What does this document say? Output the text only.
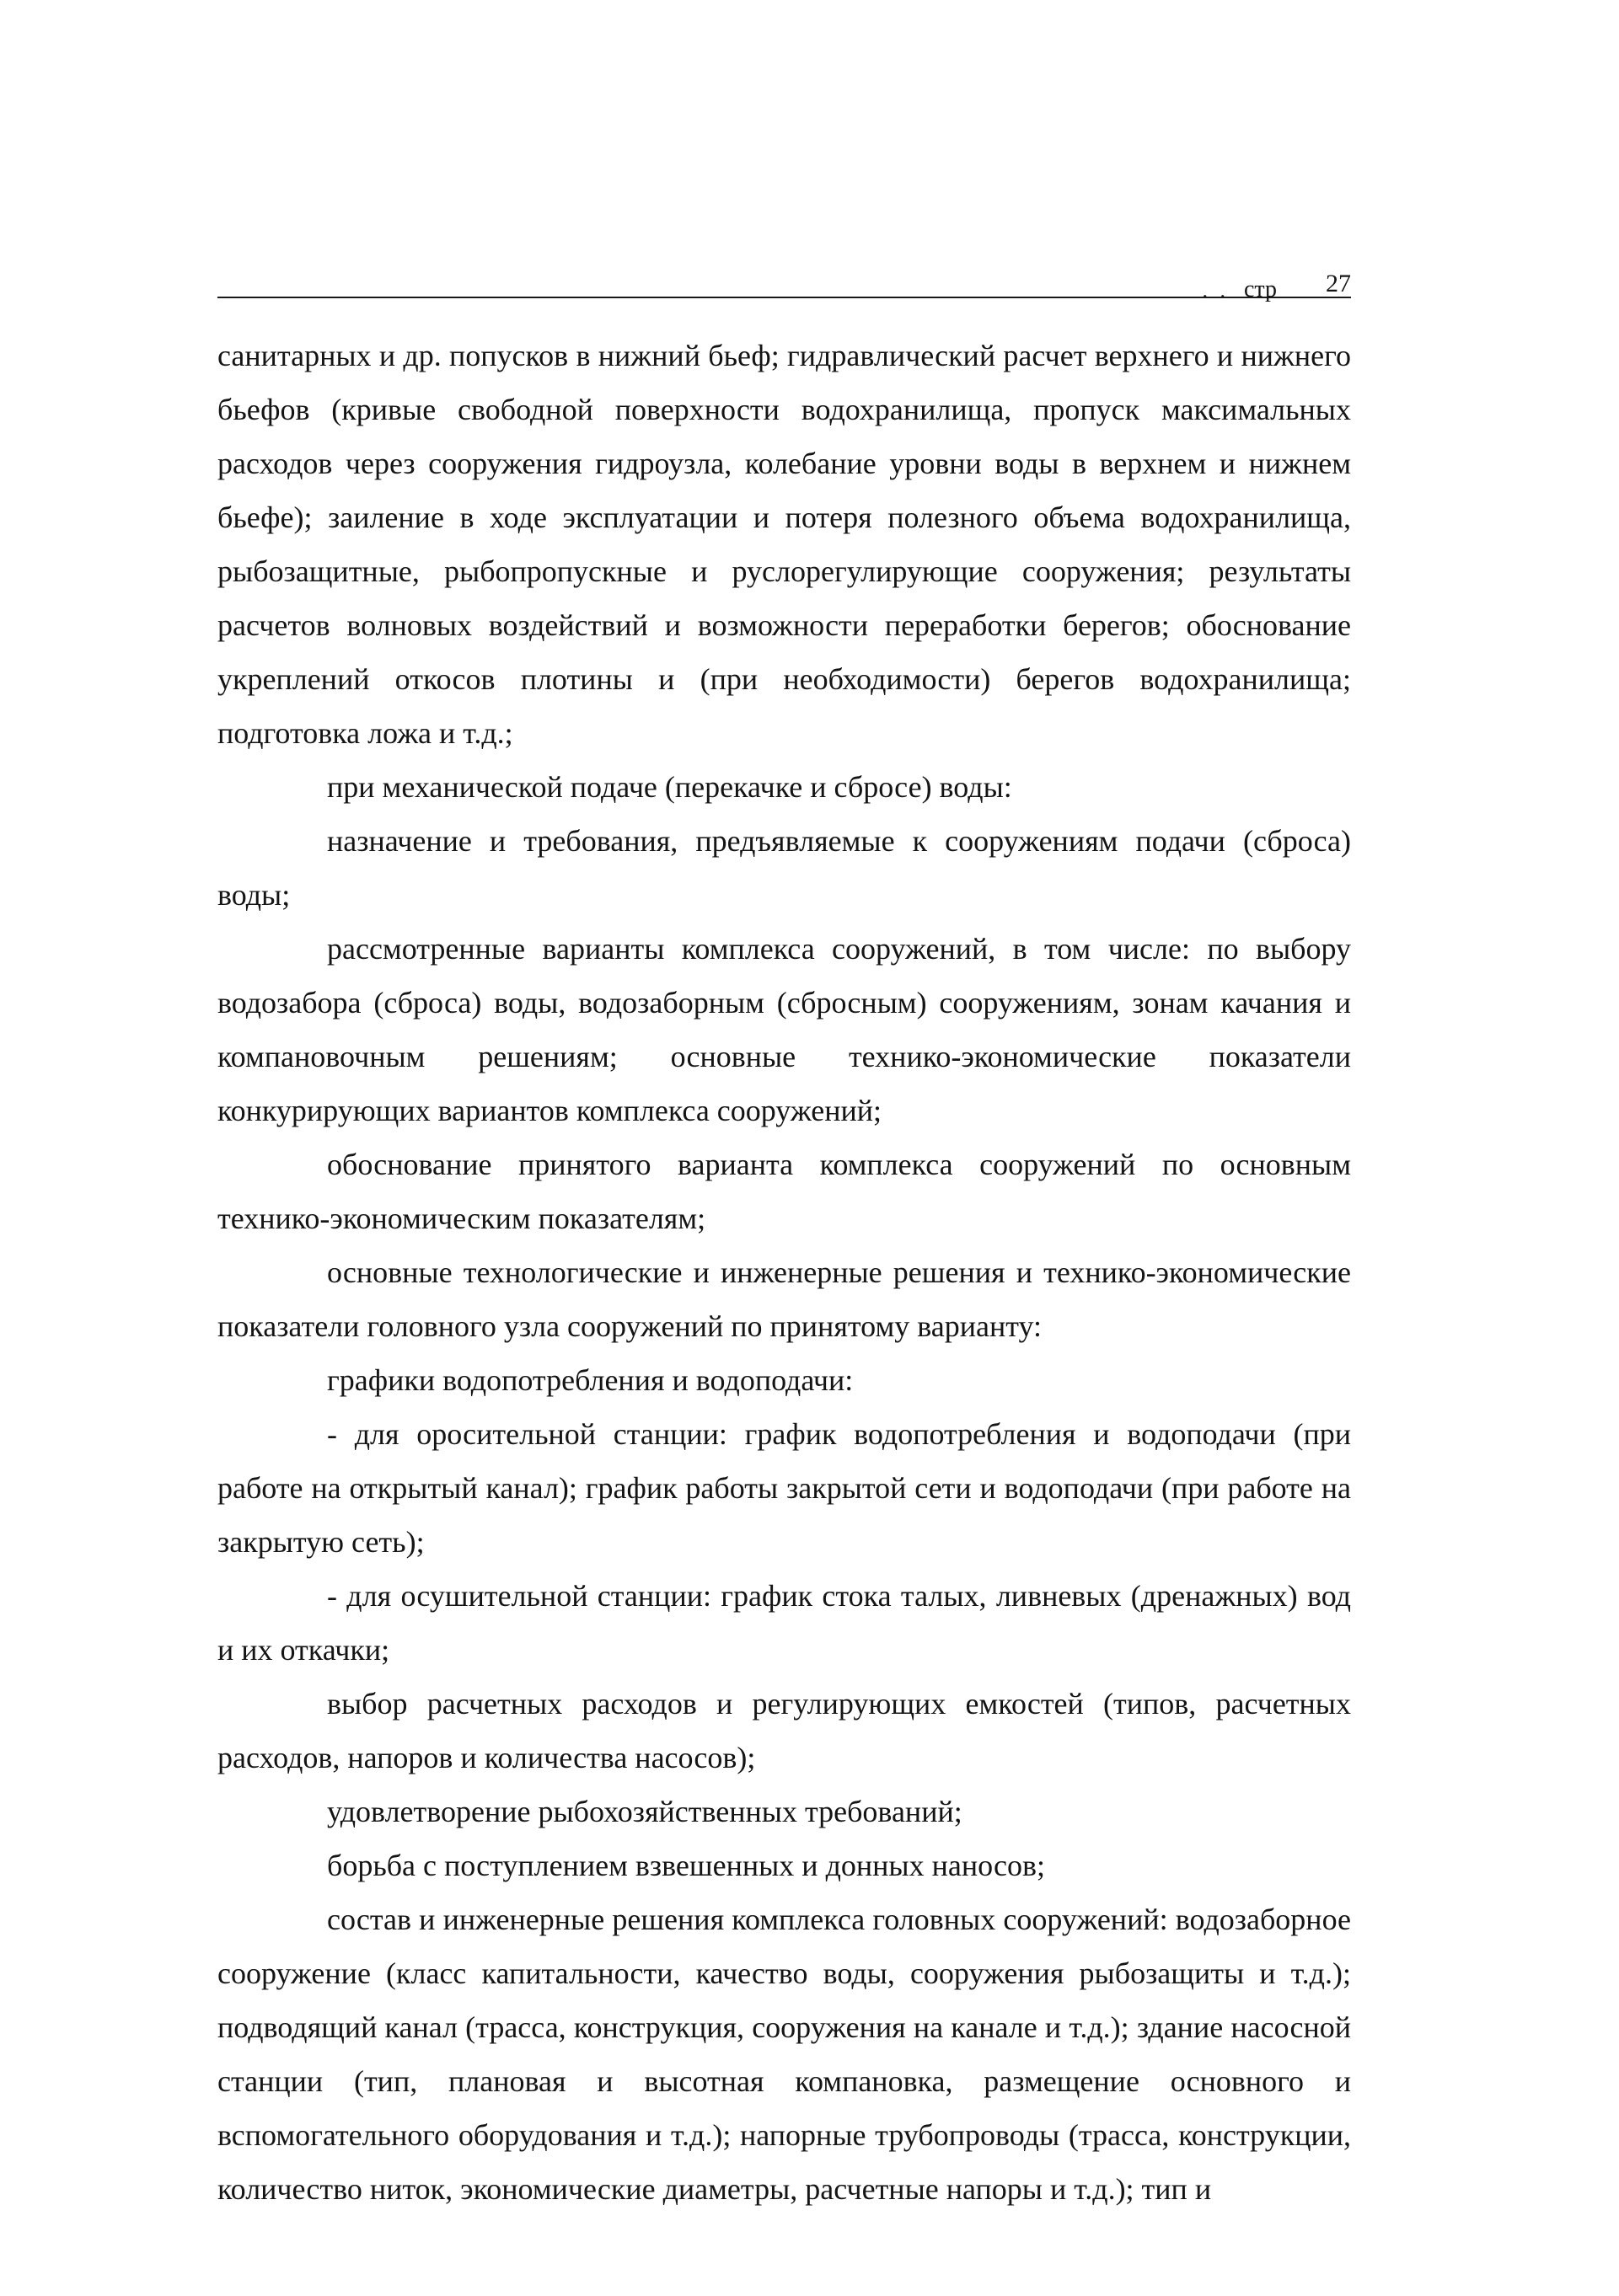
. . стр 27

санитарных и др. попусков в нижний бьеф; гидравлический расчет верхнего и нижнего бьефов (кривые свободной поверхности водохранилища, пропуск максимальных расходов через сооружения гидроузла, колебание уровни воды в верхнем и нижнем бьефе); заиление в ходе эксплуатации и потеря полезного объема водохранилища, рыбозащитные, рыбопропускные и руслорегулирующие сооружения; результаты расчетов волновых воздействий и возможности переработки берегов; обоснование укреплений откосов плотины и (при необходимости) берегов водохранилища; подготовка ложа и т.д.;

при механической подаче (перекачке и сбросе) воды:

назначение и требования, предъявляемые к сооружениям подачи (сброса) воды;

рассмотренные варианты комплекса сооружений, в том числе: по выбору водозабора (сброса) воды, водозаборным (сбросным) сооружениям, зонам качания и компановочным решениям; основные технико-экономические показатели конкурирующих вариантов комплекса сооружений;

обоснование принятого варианта комплекса сооружений по основным технико-экономическим показателям;

основные технологические и инженерные решения и технико-экономические показатели головного узла сооружений по принятому варианту:

графики водопотребления и водоподачи:

- для оросительной станции: график водопотребления и водоподачи (при работе на открытый канал); график работы закрытой сети и водоподачи (при работе на закрытую сеть);

- для осушительной станции: график стока талых, ливневых (дренажных) вод и их откачки;

выбор расчетных расходов и регулирующих емкостей (типов, расчетных расходов, напоров и количества насосов);

удовлетворение рыбохозяйственных требований;

борьба с поступлением взвешенных и донных наносов;

состав и инженерные решения комплекса головных сооружений: водозаборное сооружение (класс капитальности, качество воды, сооружения рыбозащиты и т.д.); подводящий канал (трасса, конструкция, сооружения на канале и т.д.); здание насосной станции (тип, плановая и высотная компановка, размещение основного и вспомогательного оборудования и т.д.); напорные трубопроводы (трасса, конструкции, количество ниток, экономические диаметры, расчетные напоры и т.д.); тип и
